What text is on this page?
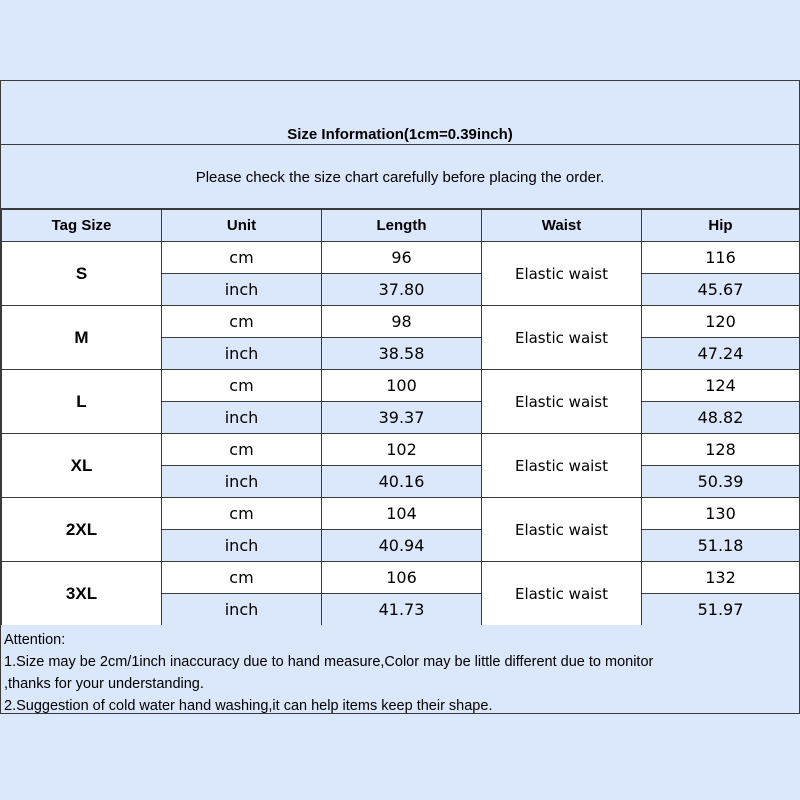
Size Information(1cm=0.39inch)
Please check the size chart carefully before placing the order.
Tag Size	Unit	Length	Waist	Hip
S	cm	96	Elastic waist	116
	inch	37.80		45.67
M	cm	98	Elastic waist	120
	inch	38.58		47.24
L	cm	100	Elastic waist	124
	inch	39.37		48.82
XL	cm	102	Elastic waist	128
	inch	40.16		50.39
2XL	cm	104	Elastic waist	130
	inch	40.94		51.18
3XL	cm	106	Elastic waist	132
	inch	41.73		51.97
Attention:
1.Size may be 2cm/1inch inaccuracy due to hand measure,Color may be little different due to monitor
,thanks for your understanding.
2.Suggestion of cold water hand washing,it can help items keep their shape.
